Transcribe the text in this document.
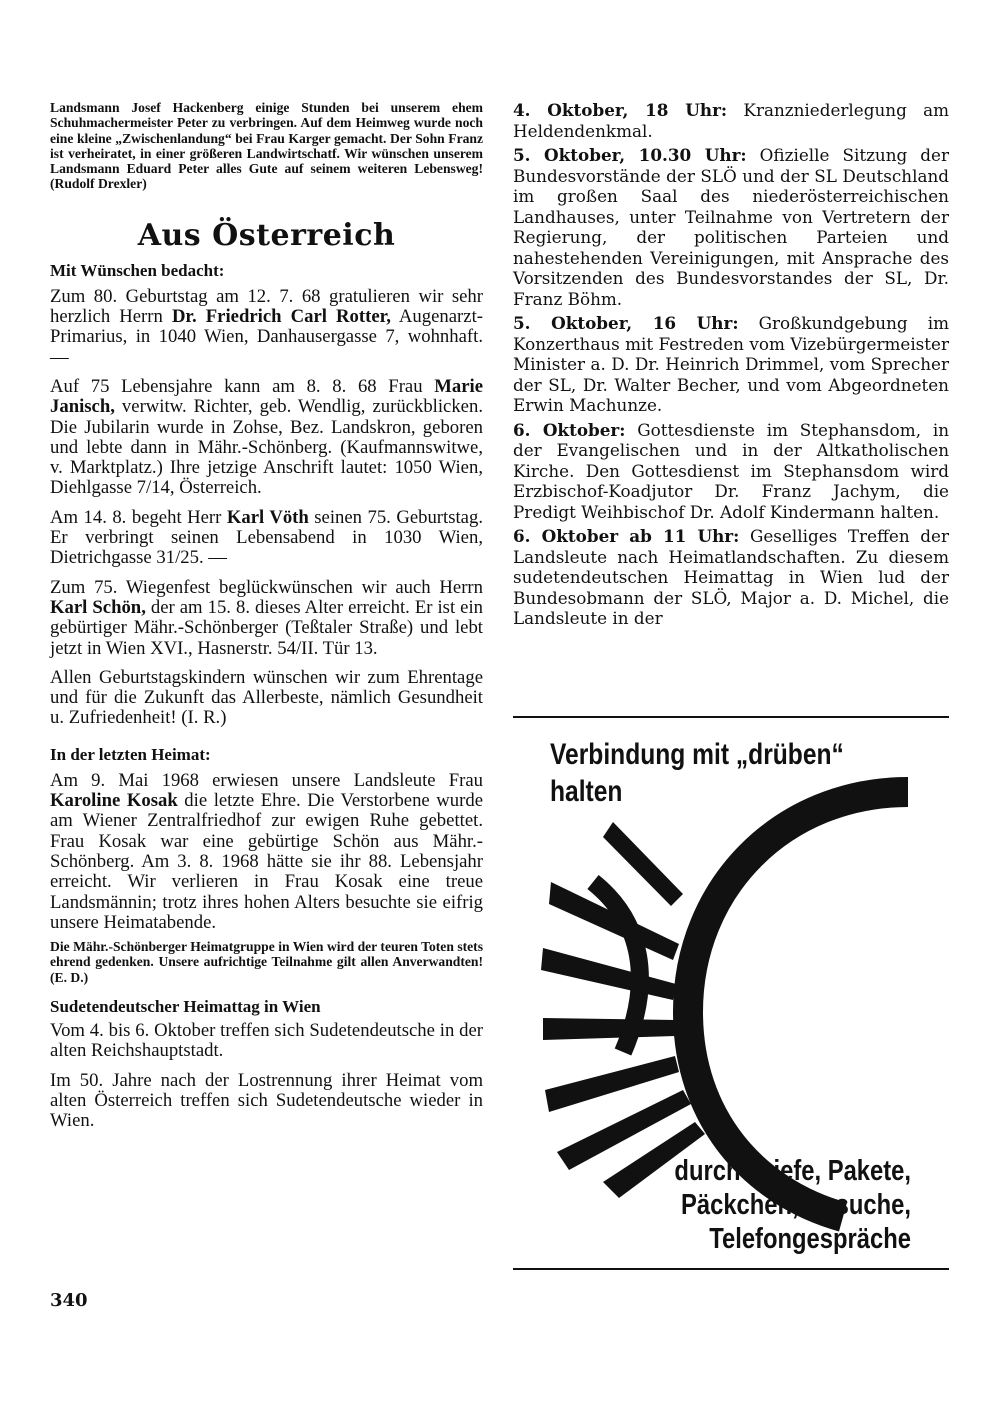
Landsmann Josef Hackenberg einige Stunden bei unserem ehem Schuhmachermeister Peter zu verbringen. Auf dem Heimweg wurde noch eine kleine „Zwischenlandung“ bei Frau Karger gemacht. Der Sohn Franz ist verheiratet, in einer größeren Landwirtschatf. Wir wünschen unserem Landsmann Eduard Peter alles Gute auf seinem weiteren Lebensweg! (Rudolf Drexler)

Aus Österreich

Mit Wünschen bedacht:

Zum 80. Geburtstag am 12. 7. 68 gratulieren wir sehr herzlich Herrn Dr. Friedrich Carl Rotter, Augenarzt-Primarius, in 1040 Wien, Danhausergasse 7, wohnhaft. —

Auf 75 Lebensjahre kann am 8. 8. 68 Frau Marie Janisch, verwitw. Richter, geb. Wendlig, zurückblicken. Die Jubilarin wurde in Zohse, Bez. Landskron, geboren und lebte dann in Mähr.-Schönberg. (Kaufmannswitwe, v. Marktplatz.) Ihre jetzige Anschrift lautet: 1050 Wien, Diehlgasse 7/14, Österreich.

Am 14. 8. begeht Herr Karl Vöth seinen 75. Geburtstag. Er verbringt seinen Lebensabend in 1030 Wien, Dietrichgasse 31/25. —

Zum 75. Wiegenfest beglückwünschen wir auch Herrn Karl Schön, der am 15. 8. dieses Alter erreicht. Er ist ein gebürtiger Mähr.-Schönberger (Teßtaler Straße) und lebt jetzt in Wien XVI., Hasnerstr. 54/II. Tür 13.

Allen Geburtstagskindern wünschen wir zum Ehrentage und für die Zukunft das Allerbeste, nämlich Gesundheit u. Zufriedenheit! (I. R.)

In der letzten Heimat:

Am 9. Mai 1968 erwiesen unsere Landsleute Frau Karoline Kosak die letzte Ehre. Die Verstorbene wurde am Wiener Zentralfriedhof zur ewigen Ruhe gebettet. Frau Kosak war eine gebürtige Schön aus Mähr.-Schönberg. Am 3. 8. 1968 hätte sie ihr 88. Lebensjahr erreicht. Wir verlieren in Frau Kosak eine treue Landsmännin; trotz ihres hohen Alters besuchte sie eifrig unsere Heimatabende.

Die Mähr.-Schönberger Heimatgruppe in Wien wird der teuren Toten stets ehrend gedenken. Unsere aufrichtige Teilnahme gilt allen Anverwandten! (E. D.)

Sudetendeutscher Heimattag in Wien

Vom 4. bis 6. Oktober treffen sich Sudetendeutsche in der alten Reichshauptstadt.

Im 50. Jahre nach der Lostrennung ihrer Heimat vom alten Österreich treffen sich Sudetendeutsche wieder in Wien.

340

4. Oktober, 18 Uhr: Kranzniederlegung am Heldendenkmal.

5. Oktober, 10.30 Uhr: Ofizielle Sitzung der Bundesvorstände der SLÖ und der SL Deutschland im großen Saal des niederösterreichischen Landhauses, unter Teilnahme von Vertretern der Regierung, der politischen Parteien und nahestehenden Vereinigungen, mit Ansprache des Vorsitzenden des Bundesvorstandes der SL, Dr. Franz Böhm.

5. Oktober, 16 Uhr: Großkundgebung im Konzerthaus mit Festreden vom Vizebürgermeister Minister a. D. Dr. Heinrich Drimmel, vom Sprecher der SL, Dr. Walter Becher, und vom Abgeordneten Erwin Machunze.

6. Oktober: Gottesdienste im Stephansdom, in der Evangelischen und in der Altkatholischen Kirche. Den Gottesdienst im Stephansdom wird Erzbischof-Koadjutor Dr. Franz Jachym, die Predigt Weihbischof Dr. Adolf Kindermann halten.

6. Oktober ab 11 Uhr: Geselliges Treffen der Landsleute nach Heimatlandschaften. Zu diesem sudetendeutschen Heimattag in Wien lud der Bundesobmann der SLÖ, Major a. D. Michel, die Landsleute in der

Verbindung mit „drüben“
halten

durch Briefe, Pakete,
Päckchen, Besuche,
Telefongespräche
